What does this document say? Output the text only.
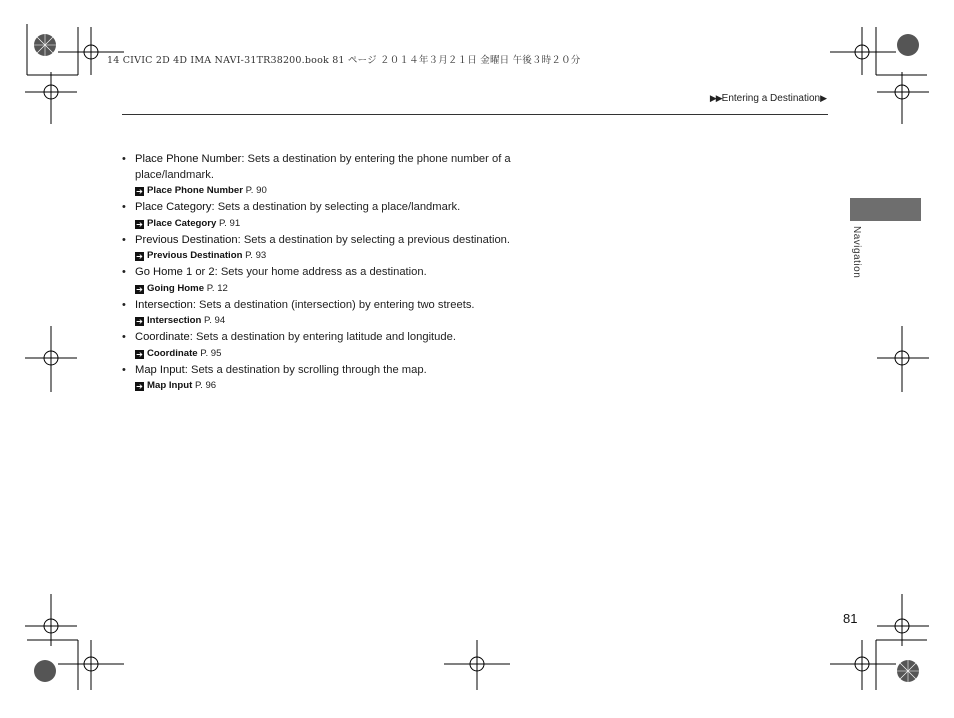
14 CIVIC 2D 4D IMA NAVI-31TR38200.book 81 ページ ２０１４年３月２１日 金曜日 午後３時２０分
▶▶Entering a Destination▶
• Place Phone Number: Sets a destination by entering the phone number of a place/landmark.
➔ Place Phone Number P. 90
• Place Category: Sets a destination by selecting a place/landmark.
➔ Place Category P. 91
• Previous Destination: Sets a destination by selecting a previous destination.
➔ Previous Destination P. 93
• Go Home 1 or 2: Sets your home address as a destination.
➔ Going Home P. 12
• Intersection: Sets a destination (intersection) by entering two streets.
➔ Intersection P. 94
• Coordinate: Sets a destination by entering latitude and longitude.
➔ Coordinate P. 95
• Map Input: Sets a destination by scrolling through the map.
➔ Map Input P. 96
Navigation
81
